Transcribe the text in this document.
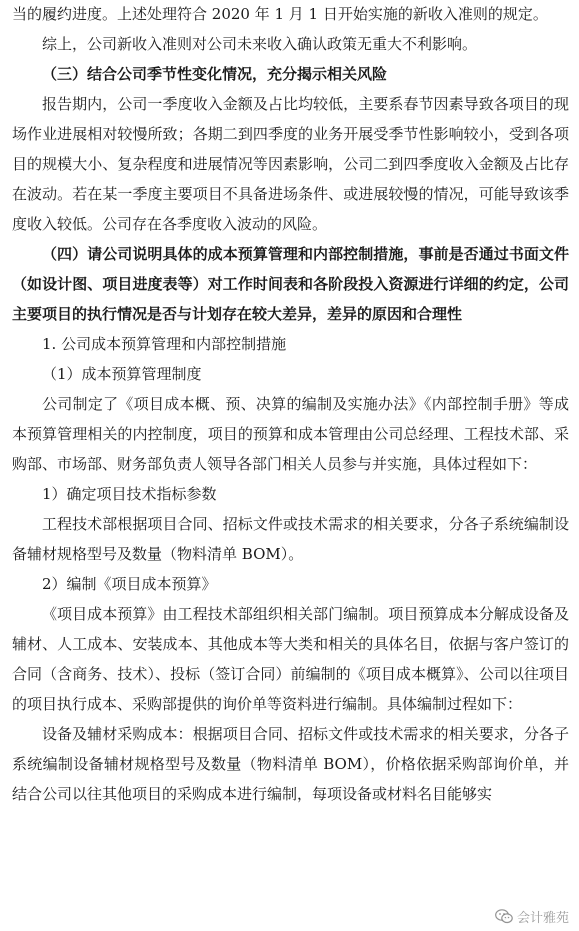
当的履约进度。上述处理符合 2020 年 1 月 1 日开始实施的新收入准则的规定。

综上，公司新收入准则对公司未来收入确认政策无重大不利影响。

（三）结合公司季节性变化情况，充分揭示相关风险

报告期内，公司一季度收入金额及占比均较低，主要系春节因素导致各项目的现场作业进展相对较慢所致；各期二到四季度的业务开展受季节性影响较小，受到各项目的规模大小、复杂程度和进展情况等因素影响，公司二到四季度收入金额及占比存在波动。若在某一季度主要项目不具备进场条件、或进展较慢的情况，可能导致该季度收入较低。公司存在各季度收入波动的风险。

（四）请公司说明具体的成本预算管理和内部控制措施，事前是否通过书面文件（如设计图、项目进度表等）对工作时间表和各阶段投入资源进行详细的约定，公司主要项目的执行情况是否与计划存在较大差异，差异的原因和合理性

1. 公司成本预算管理和内部控制措施

（1）成本预算管理制度

公司制定了《项目成本概、预、决算的编制及实施办法》《内部控制手册》等成本预算管理相关的内控制度，项目的预算和成本管理由公司总经理、工程技术部、采购部、市场部、财务部负责人领导各部门相关人员参与并实施，具体过程如下：

1）确定项目技术指标参数

工程技术部根据项目合同、招标文件或技术需求的相关要求，分各子系统编制设备辅材规格型号及数量（物料清单 BOM）。

2）编制《项目成本预算》

《项目成本预算》由工程技术部组织相关部门编制。项目预算成本分解成设备及辅材、人工成本、安装成本、其他成本等大类和相关的具体名目，依据与客户签订的合同（含商务、技术）、投标（签订合同）前编制的《项目成本概算》、公司以往项目的项目执行成本、采购部提供的询价单等资料进行编制。具体编制过程如下：

设备及辅材采购成本：根据项目合同、招标文件或技术需求的相关要求，分各子系统编制设备辅材规格型号及数量（物料清单 BOM），价格依据采购部询价单，并结合公司以往其他项目的采购成本进行编制，每项设备或材料名目能够实

会计雅苑
